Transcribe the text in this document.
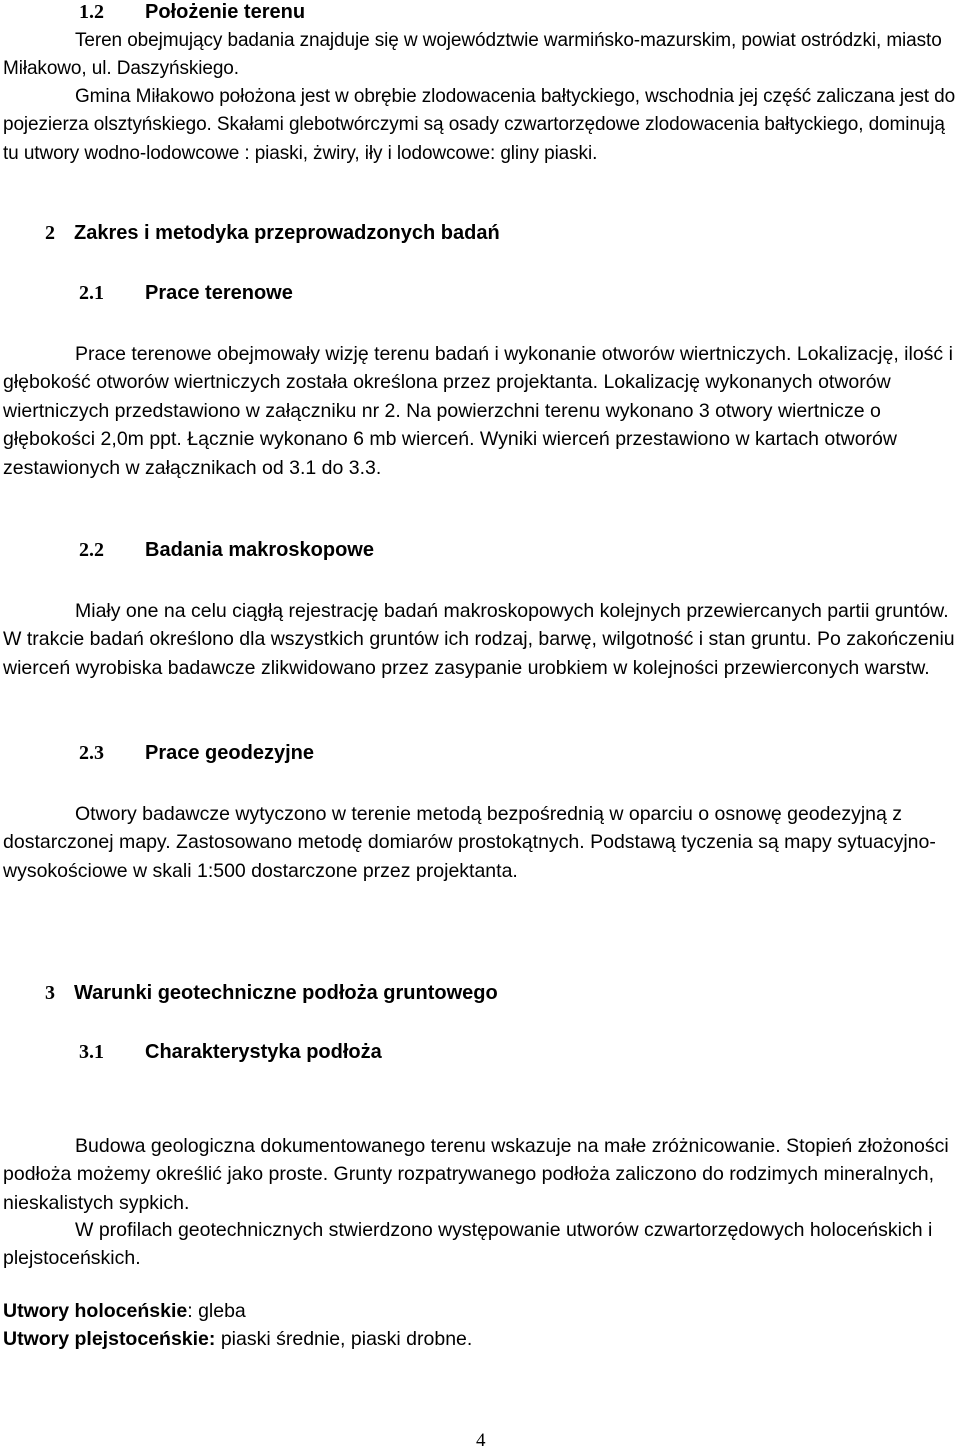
1.2 Położenie terenu

Teren obejmujący badania znajduje się w województwie warmińsko-mazurskim, powiat ostródzki, miasto Miłakowo, ul. Daszyńskiego.

Gmina Miłakowo położona jest w obrębie zlodowacenia bałtyckiego, wschodnia jej część zaliczana jest do pojezierza olsztyńskiego. Skałami glebotwórczymi są osady czwartorzędowe zlodowacenia bałtyckiego, dominują tu utwory wodno-lodowcowe : piaski, żwiry, iły i lodowcowe: gliny piaski.

2 Zakres i metodyka przeprowadzonych badań
2.1 Prace terenowe

Prace terenowe obejmowały wizję terenu badań i wykonanie otworów wiertniczych. Lokalizację, ilość i głębokość otworów wiertniczych została określona przez projektanta. Lokalizację wykonanych otworów wiertniczych przedstawiono w załączniku nr 2. Na powierzchni terenu wykonano 3 otwory wiertnicze o głębokości 2,0m ppt. Łącznie wykonano 6 mb wierceń. Wyniki wierceń przestawiono w kartach otworów zestawionych w załącznikach od 3.1 do 3.3.

2.2 Badania makroskopowe

Miały one na celu ciągłą rejestrację badań makroskopowych kolejnych przewiercanych partii gruntów. W trakcie badań określono dla wszystkich gruntów ich rodzaj, barwę, wilgotność i stan gruntu. Po zakończeniu wierceń wyrobiska badawcze zlikwidowano przez zasypanie urobkiem w kolejności przewierconych warstw.

2.3 Prace geodezyjne

Otwory badawcze wytyczono w terenie metodą bezpośrednią w oparciu o osnowę geodezyjną z dostarczonej mapy. Zastosowano metodę domiarów prostokątnych. Podstawą tyczenia są mapy sytuacyjno-wysokościowe w skali 1:500 dostarczone przez projektanta.

3 Warunki geotechniczne podłoża gruntowego
3.1 Charakterystyka podłoża

Budowa geologiczna dokumentowanego terenu wskazuje na małe zróżnicowanie. Stopień złożoności podłoża możemy określić jako proste. Grunty rozpatrywanego podłoża zaliczono do rodzimych mineralnych, nieskalistych sypkich.

W profilach geotechnicznych stwierdzono występowanie utworów czwartorzędowych holoceńskich i plejstoceńskich.

Utwory holoceńskie: gleba
Utwory plejstoceńskie: piaski średnie, piaski drobne.
4
